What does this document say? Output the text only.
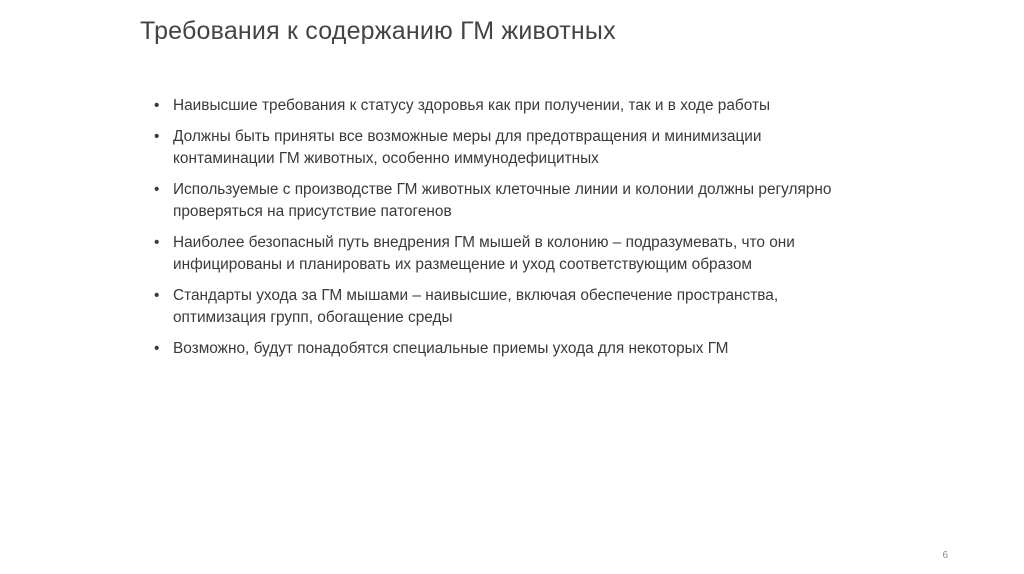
Требования к содержанию ГМ животных
• Наивысшие требования к статусу здоровья как при получении, так и в ходе работы
• Должны быть приняты все возможные меры для предотвращения и минимизации контаминации ГМ животных, особенно иммунодефицитных
• Используемые с производстве ГМ животных клеточные линии и колонии должны регулярно проверяться на присутствие патогенов
• Наиболее безопасный путь внедрения ГМ мышей в колонию – подразумевать, что они инфицированы и планировать их размещение и уход соответствующим образом
• Стандарты ухода за ГМ мышами – наивысшие, включая обеспечение пространства, оптимизация групп, обогащение среды
• Возможно, будут понадобятся специальные приемы ухода для некоторых ГМ
6
